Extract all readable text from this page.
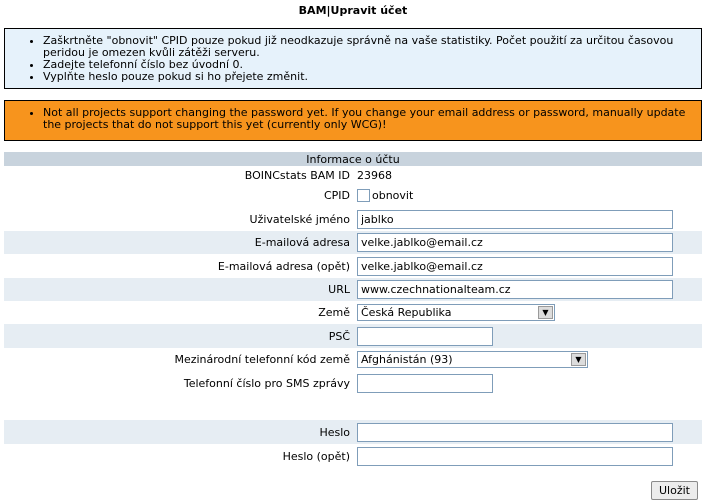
BAM|Upravit účet
• Zaškrtněte "obnovit" CPID pouze pokud již neodkazuje správně na vaše statistiky. Počet použití za určitou časovou peridou je omezen kvůli zátěži serveru.
• Zadejte telefonní číslo bez úvodní 0.
• Vyplňte heslo pouze pokud si ho přejete změnit.
• Not all projects support changing the password yet. If you change your email address or password, manually update the projects that do not support this yet (currently only WCG)!
Informace o účtu	
BOINCstats BAM ID	23968
CPID	obnovit
Uživatelské jméno	jablko
E-mailová adresa	velke.jablko@email.cz
E-mailová adresa (opět)	velke.jablko@email.cz
URL	www.czechnationalteam.cz
Země	Česká Republika ▼

PSČ	
Mezinárodní telefonní kód země	Afghánistán (93) ▼

Telefonní číslo pro SMS zprávy	

Heslo	
Heslo (opět)	
Uložit
